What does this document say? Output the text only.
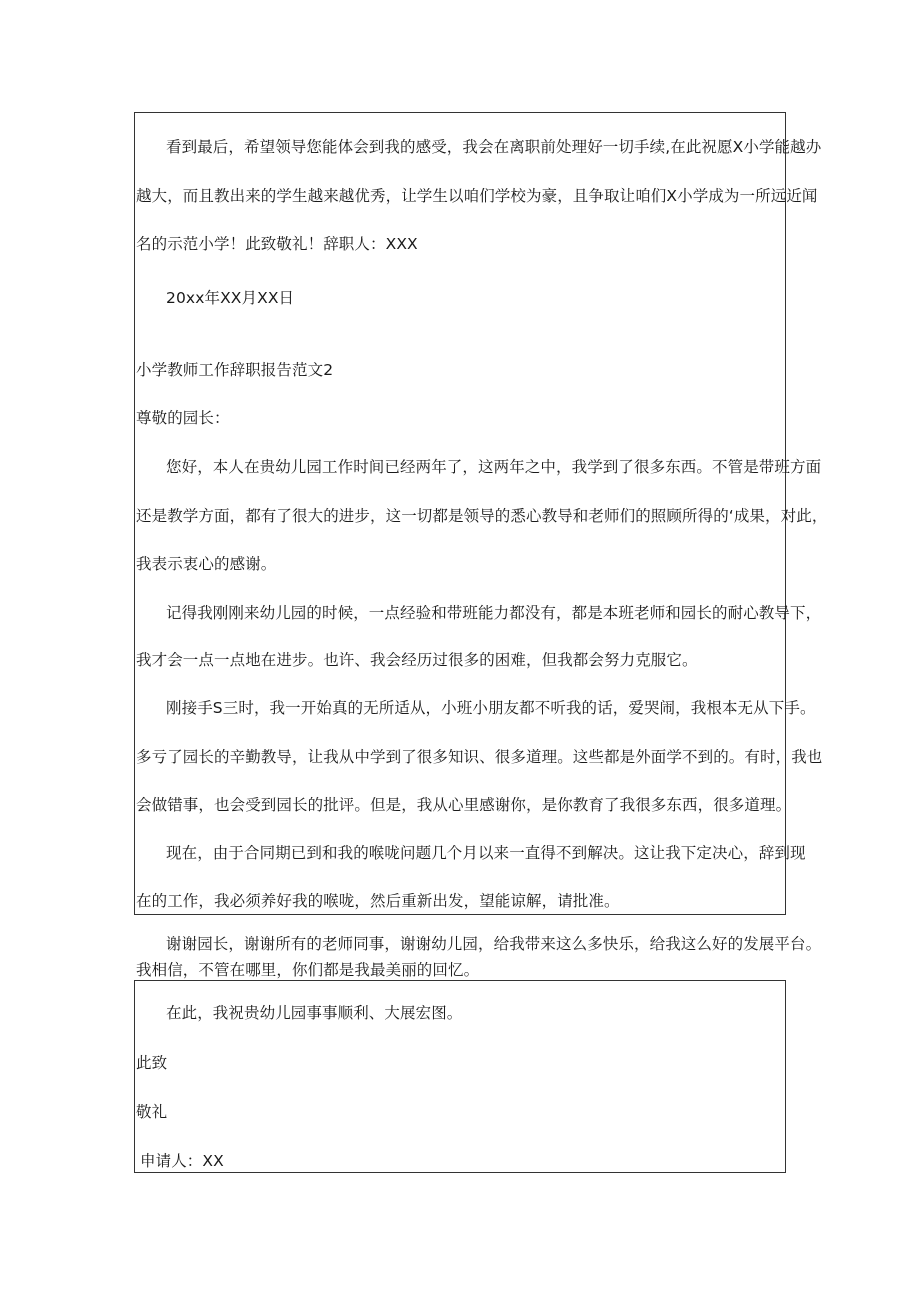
看到最后，希望领导您能体会到我的感受，我会在离职前处理好一切手续,在此祝愿X小学能越办
越大，而且教出来的学生越来越优秀，让学生以咱们学校为豪，且争取让咱们X小学成为一所远近闻
名的示范小学！此致敬礼！辞职人：XXX
20xx年XX月XX日
小学教师工作辞职报告范文2
尊敬的园长：
您好，本人在贵幼儿园工作时间已经两年了，这两年之中，我学到了很多东西。不管是带班方面
还是教学方面，都有了很大的进步，这一切都是领导的悉心教导和老师们的照顾所得的‘成果，对此，
我表示衷心的感谢。
记得我刚刚来幼儿园的时候，一点经验和带班能力都没有，都是本班老师和园长的耐心教导下，
我才会一点一点地在进步。也许、我会经历过很多的困难，但我都会努力克服它。
刚接手S三时，我一开始真的无所适从，小班小朋友都不听我的话，爱哭闹，我根本无从下手。
多亏了园长的辛勤教导，让我从中学到了很多知识、很多道理。这些都是外面学不到的。有时，我也
会做错事，也会受到园长的批评。但是，我从心里感谢你，是你教育了我很多东西，很多道理。
现在，由于合同期已到和我的喉咙问题几个月以来一直得不到解决。这让我下定决心，辞到现
在的工作，我必须养好我的喉咙，然后重新出发，望能谅解，请批准。
谢谢园长，谢谢所有的老师同事，谢谢幼儿园，给我带来这么多快乐，给我这么好的发展平台。
我相信，不管在哪里，你们都是我最美丽的回忆。
在此，我祝贵幼儿园事事顺利、大展宏图。
此致
敬礼
申请人：XX
